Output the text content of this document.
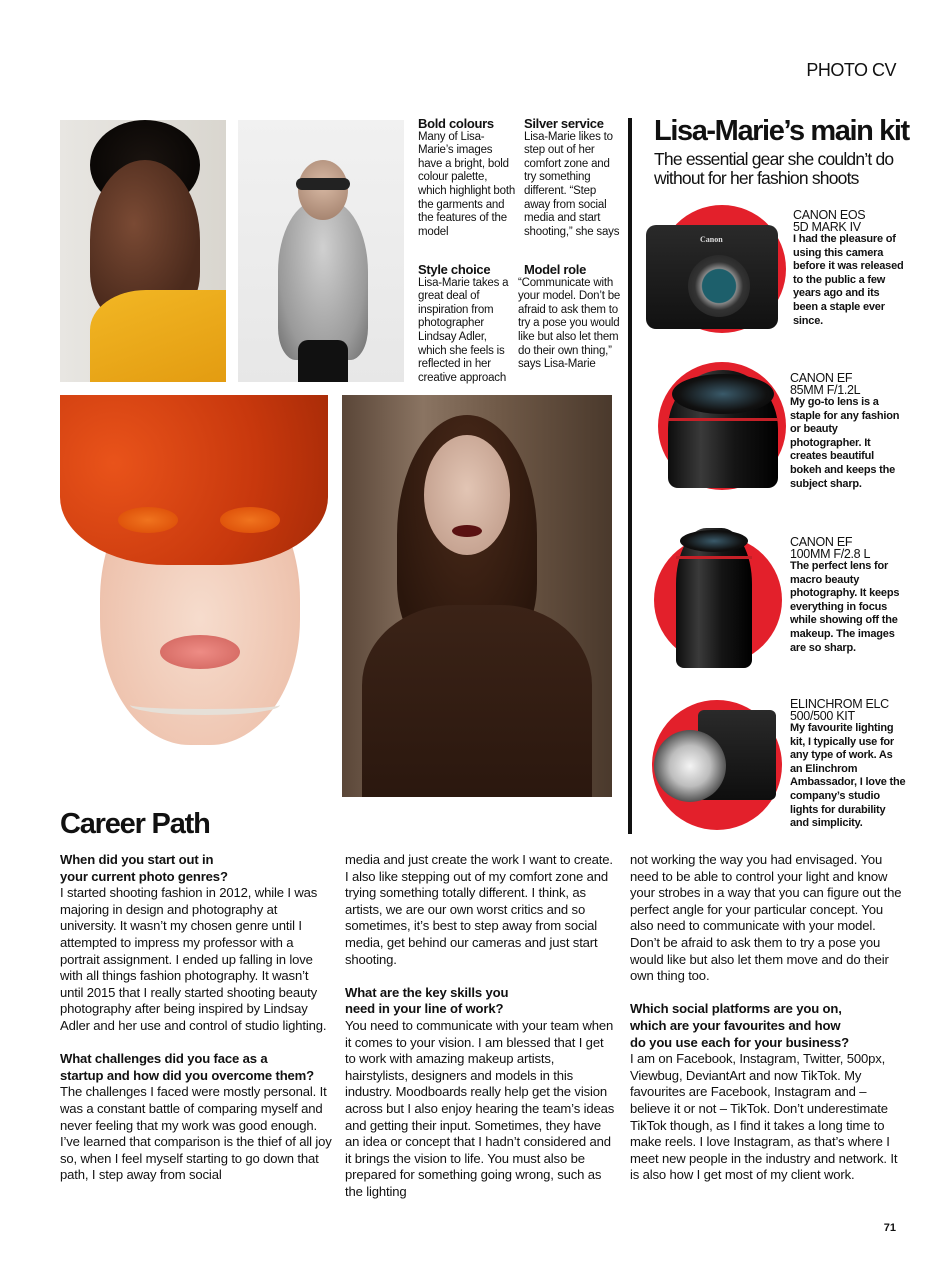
PHOTO CV
71
Bold colours
Many of Lisa-Marie’s images have a bright, bold colour palette, which highlight both the garments and the features of the model
Silver service
Lisa-Marie likes to step out of her comfort zone and try something different. “Step away from social media and start shooting,” she says
Style choice
Lisa-Marie takes a great deal of inspiration from photographer Lindsay Adler, which she feels is reflected in her creative approach
Model role
“Communicate with your model. Don’t be afraid to ask them to try a pose you would like but also let them do their own thing,” says Lisa-Marie
Lisa-Marie’s main kit
The essential gear she couldn’t do without for her fashion shoots
Canon
CANON EOS
5D MARK IV
I had the pleasure of using this camera before it was released to the public a few years ago and its been a staple ever since.
CANON EF
85MM F/1.2L
My go-to lens is a staple for any fashion or beauty photographer. It creates beautiful bokeh and keeps the subject sharp.
CANON EF
100MM F/2.8 L
The perfect lens for macro beauty photography. It keeps everything in focus while showing off the makeup. The images are so sharp.
ELINCHROM ELC
500/500 KIT
My favourite lighting kit, I typically use for any type of work. As an Elinchrom Ambassador, I love the company’s studio lights for durability and simplicity.
Career Path

When did you start out in
your current photo genres?

I started shooting fashion in 2012, while I was majoring in design and photography at university. It wasn’t my chosen genre until I attempted to impress my professor with a portrait assignment. I ended up falling in love with all things fashion photography. It wasn’t until 2015 that I really started shooting beauty photography after being inspired by Lindsay Adler and her use and control of studio lighting.

What challenges did you face as a
startup and how did you overcome them?

The challenges I faced were mostly personal. It was a constant battle of comparing myself and never feeling that my work was good enough. I’ve learned that comparison is the thief of all joy so, when I feel myself starting to go down that path, I step away from social

media and just create the work I want to create. I also like stepping out of my comfort zone and trying something totally different. I think, as artists, we are our own worst critics and so sometimes, it’s best to step away from social media, get behind our cameras and just start shooting.

What are the key skills you
need in your line of work?

You need to communicate with your team when it comes to your vision. I am blessed that I get to work with amazing makeup artists, hairstylists, designers and models in this industry. Moodboards really help get the vision across but I also enjoy hearing the team’s ideas and getting their input. Sometimes, they have an idea or concept that I hadn’t considered and it brings the vision to life. You must also be prepared for something going wrong, such as the lighting

not working the way you had envisaged. You need to be able to control your light and know your strobes in a way that you can figure out the perfect angle for your particular concept. You also need to communicate with your model. Don’t be afraid to ask them to try a pose you would like but also let them move and do their own thing too.

Which social platforms are you on,
which are your favourites and how
do you use each for your business?

I am on Facebook, Instagram, Twitter, 500px, Viewbug, DeviantArt and now TikTok. My favourites are Facebook, Instagram and – believe it or not – TikTok. Don’t underestimate TikTok though, as I find it takes a long time to make reels. I love Instagram, as that’s where I meet new people in the industry and network. It is also how I get most of my client work.
